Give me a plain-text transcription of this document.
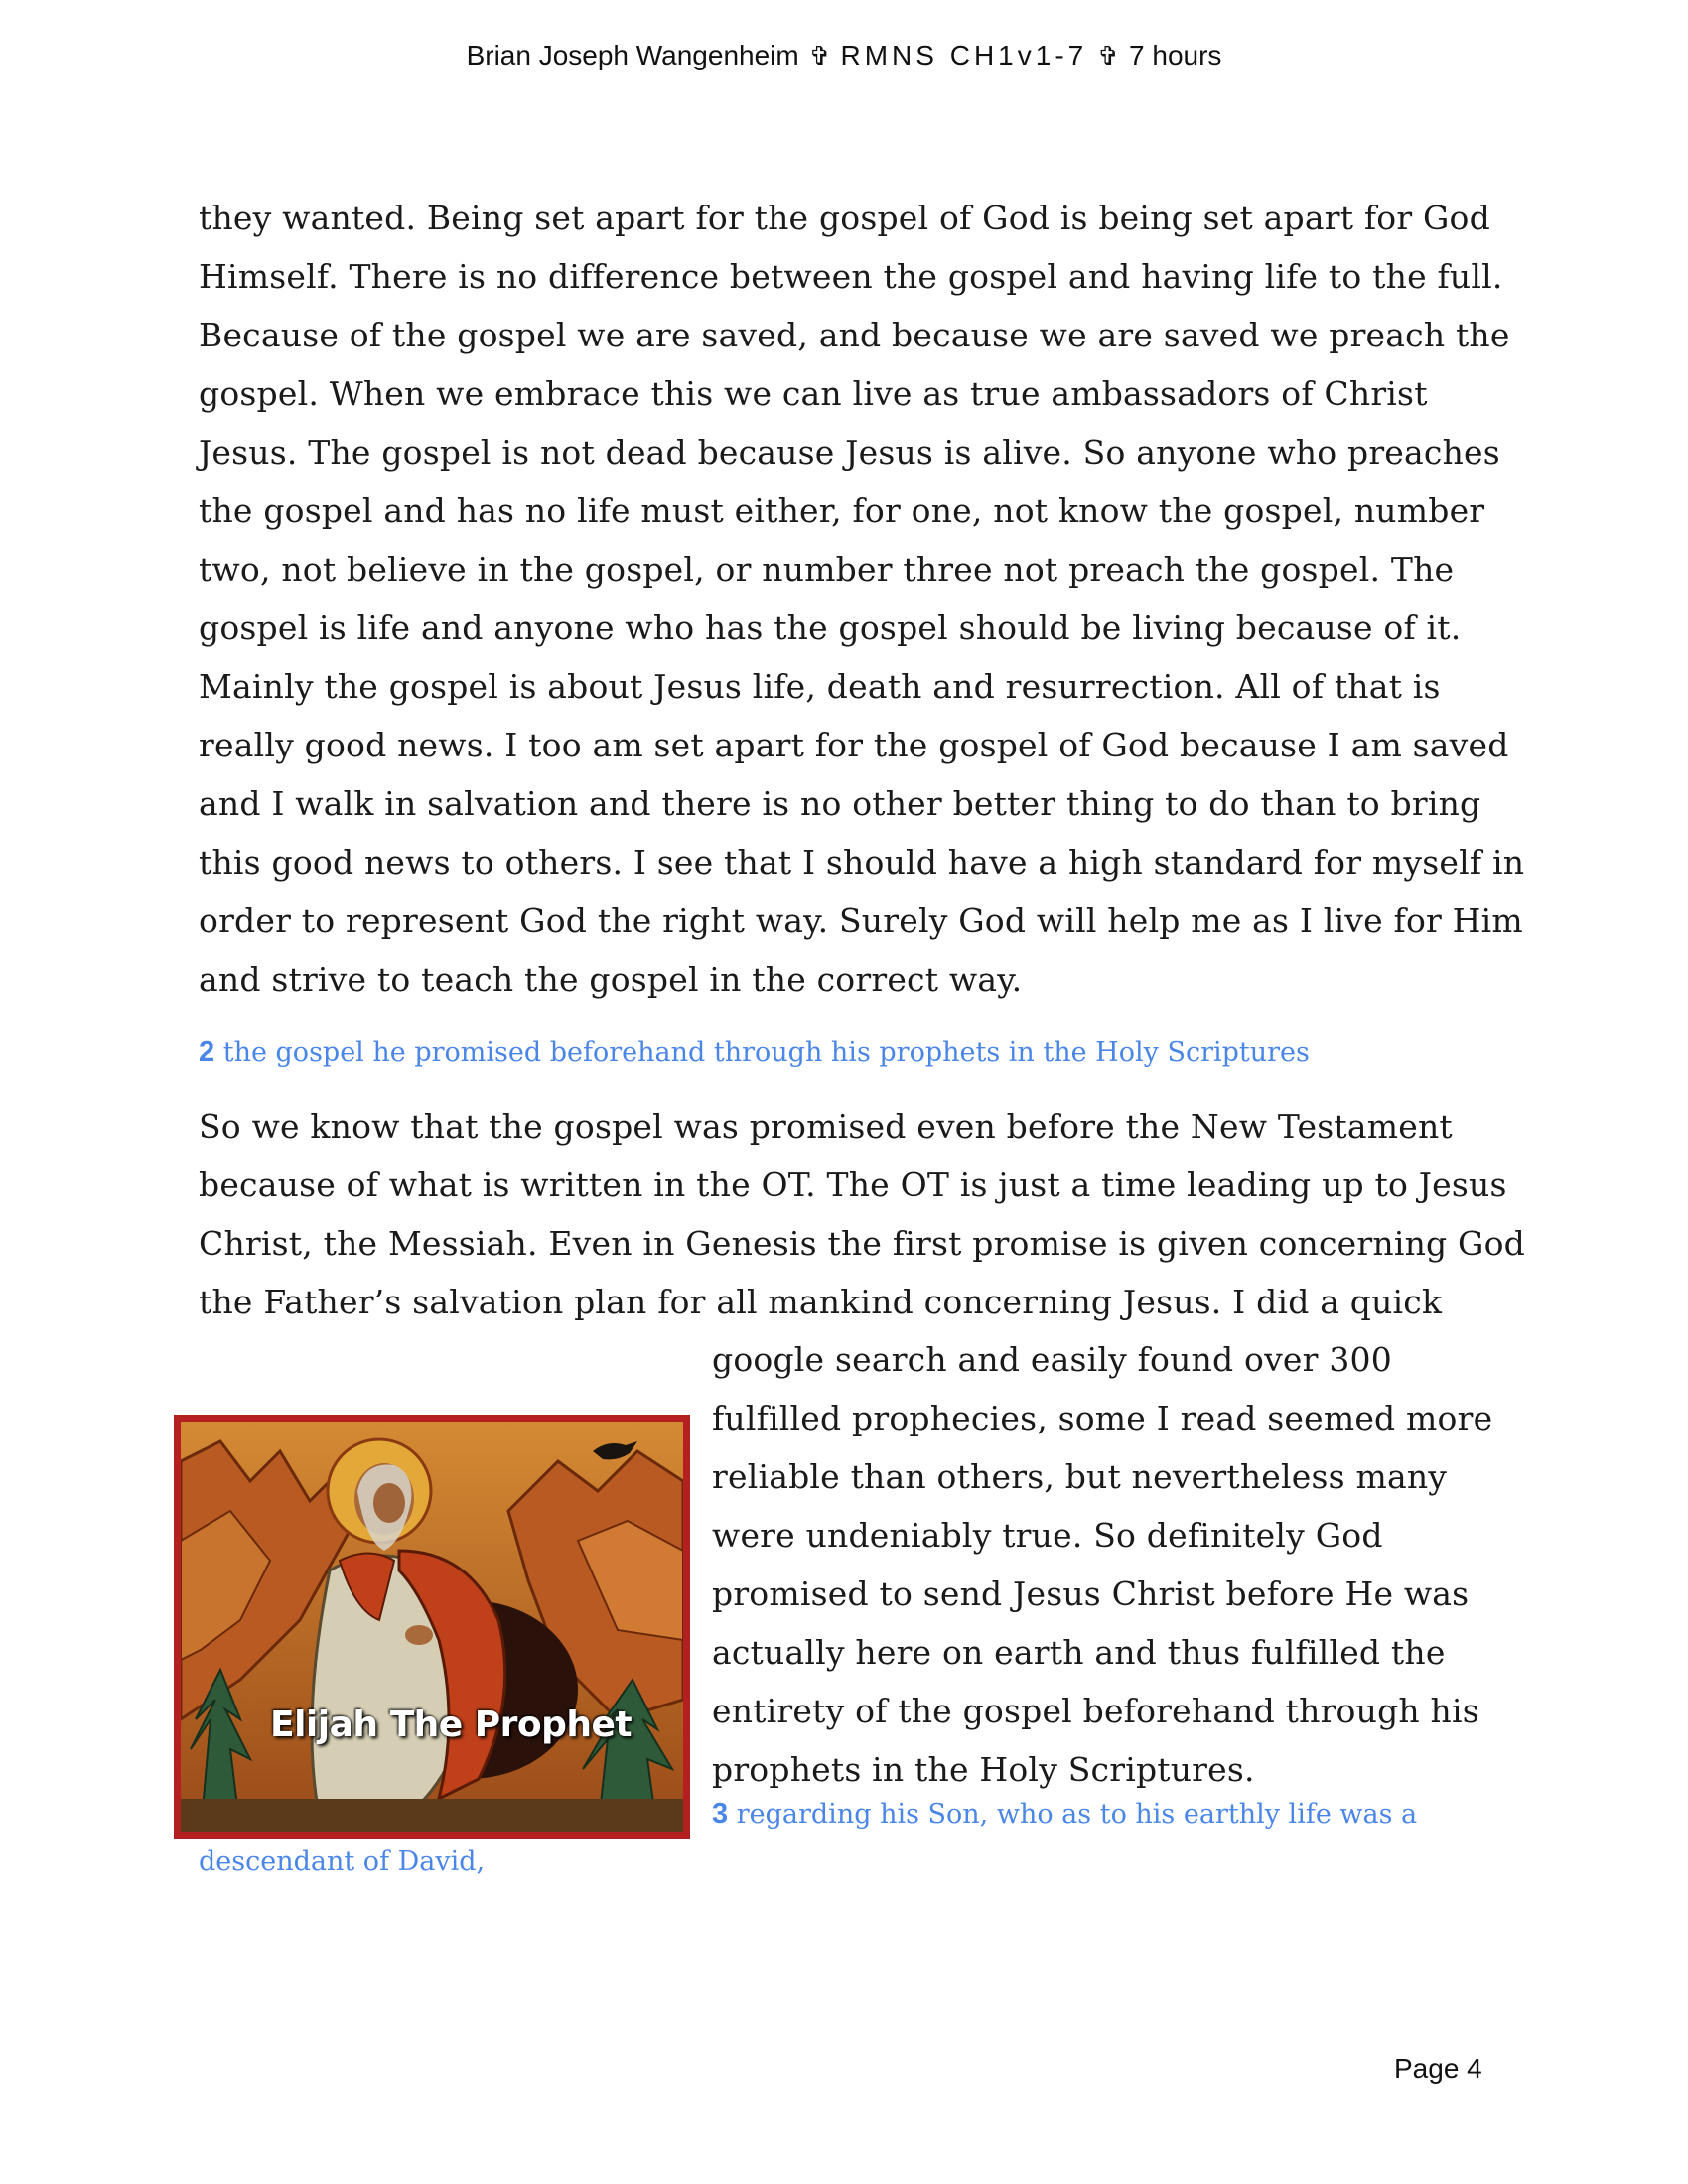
Brian Joseph Wangenheim ✞ RMNS CH1v1-7 ✞ 7 hours
they wanted. Being set apart for the gospel of God is being set apart for God
Himself. There is no difference between the gospel and having life to the full.
Because of the gospel we are saved, and because we are saved we preach the
gospel. When we embrace this we can live as true ambassadors of Christ
Jesus. The gospel is not dead because Jesus is alive. So anyone who preaches
the gospel and has no life must either, for one, not know the gospel, number
two, not believe in the gospel, or number three not preach the gospel. The
gospel is life and anyone who has the gospel should be living because of it.
Mainly the gospel is about Jesus life, death and resurrection. All of that is
really good news. I too am set apart for the gospel of God because I am saved
and I walk in salvation and there is no other better thing to do than to bring
this good news to others. I see that I should have a high standard for myself in
order to represent God the right way. Surely God will help me as I live for Him
and strive to teach the gospel in the correct way.
2 the gospel he promised beforehand through his prophets in the Holy Scriptures
So we know that the gospel was promised even before the New Testament
because of what is written in the OT. The OT is just a time leading up to Jesus
Christ, the Messiah. Even in Genesis the first promise is given concerning God
the Father’s salvation plan for all mankind concerning Jesus. I did a quick
google search and easily found over 300
fulfilled prophecies, some I read seemed more
reliable than others, but nevertheless many
were undeniably true. So definitely God
promised to send Jesus Christ before He was
actually here on earth and thus fulfilled the
entirety of the gospel beforehand through his
prophets in the Holy Scriptures.
Elijah The Prophet
3 regarding his Son, who as to his earthly life was a
descendant of David,
Page 4
